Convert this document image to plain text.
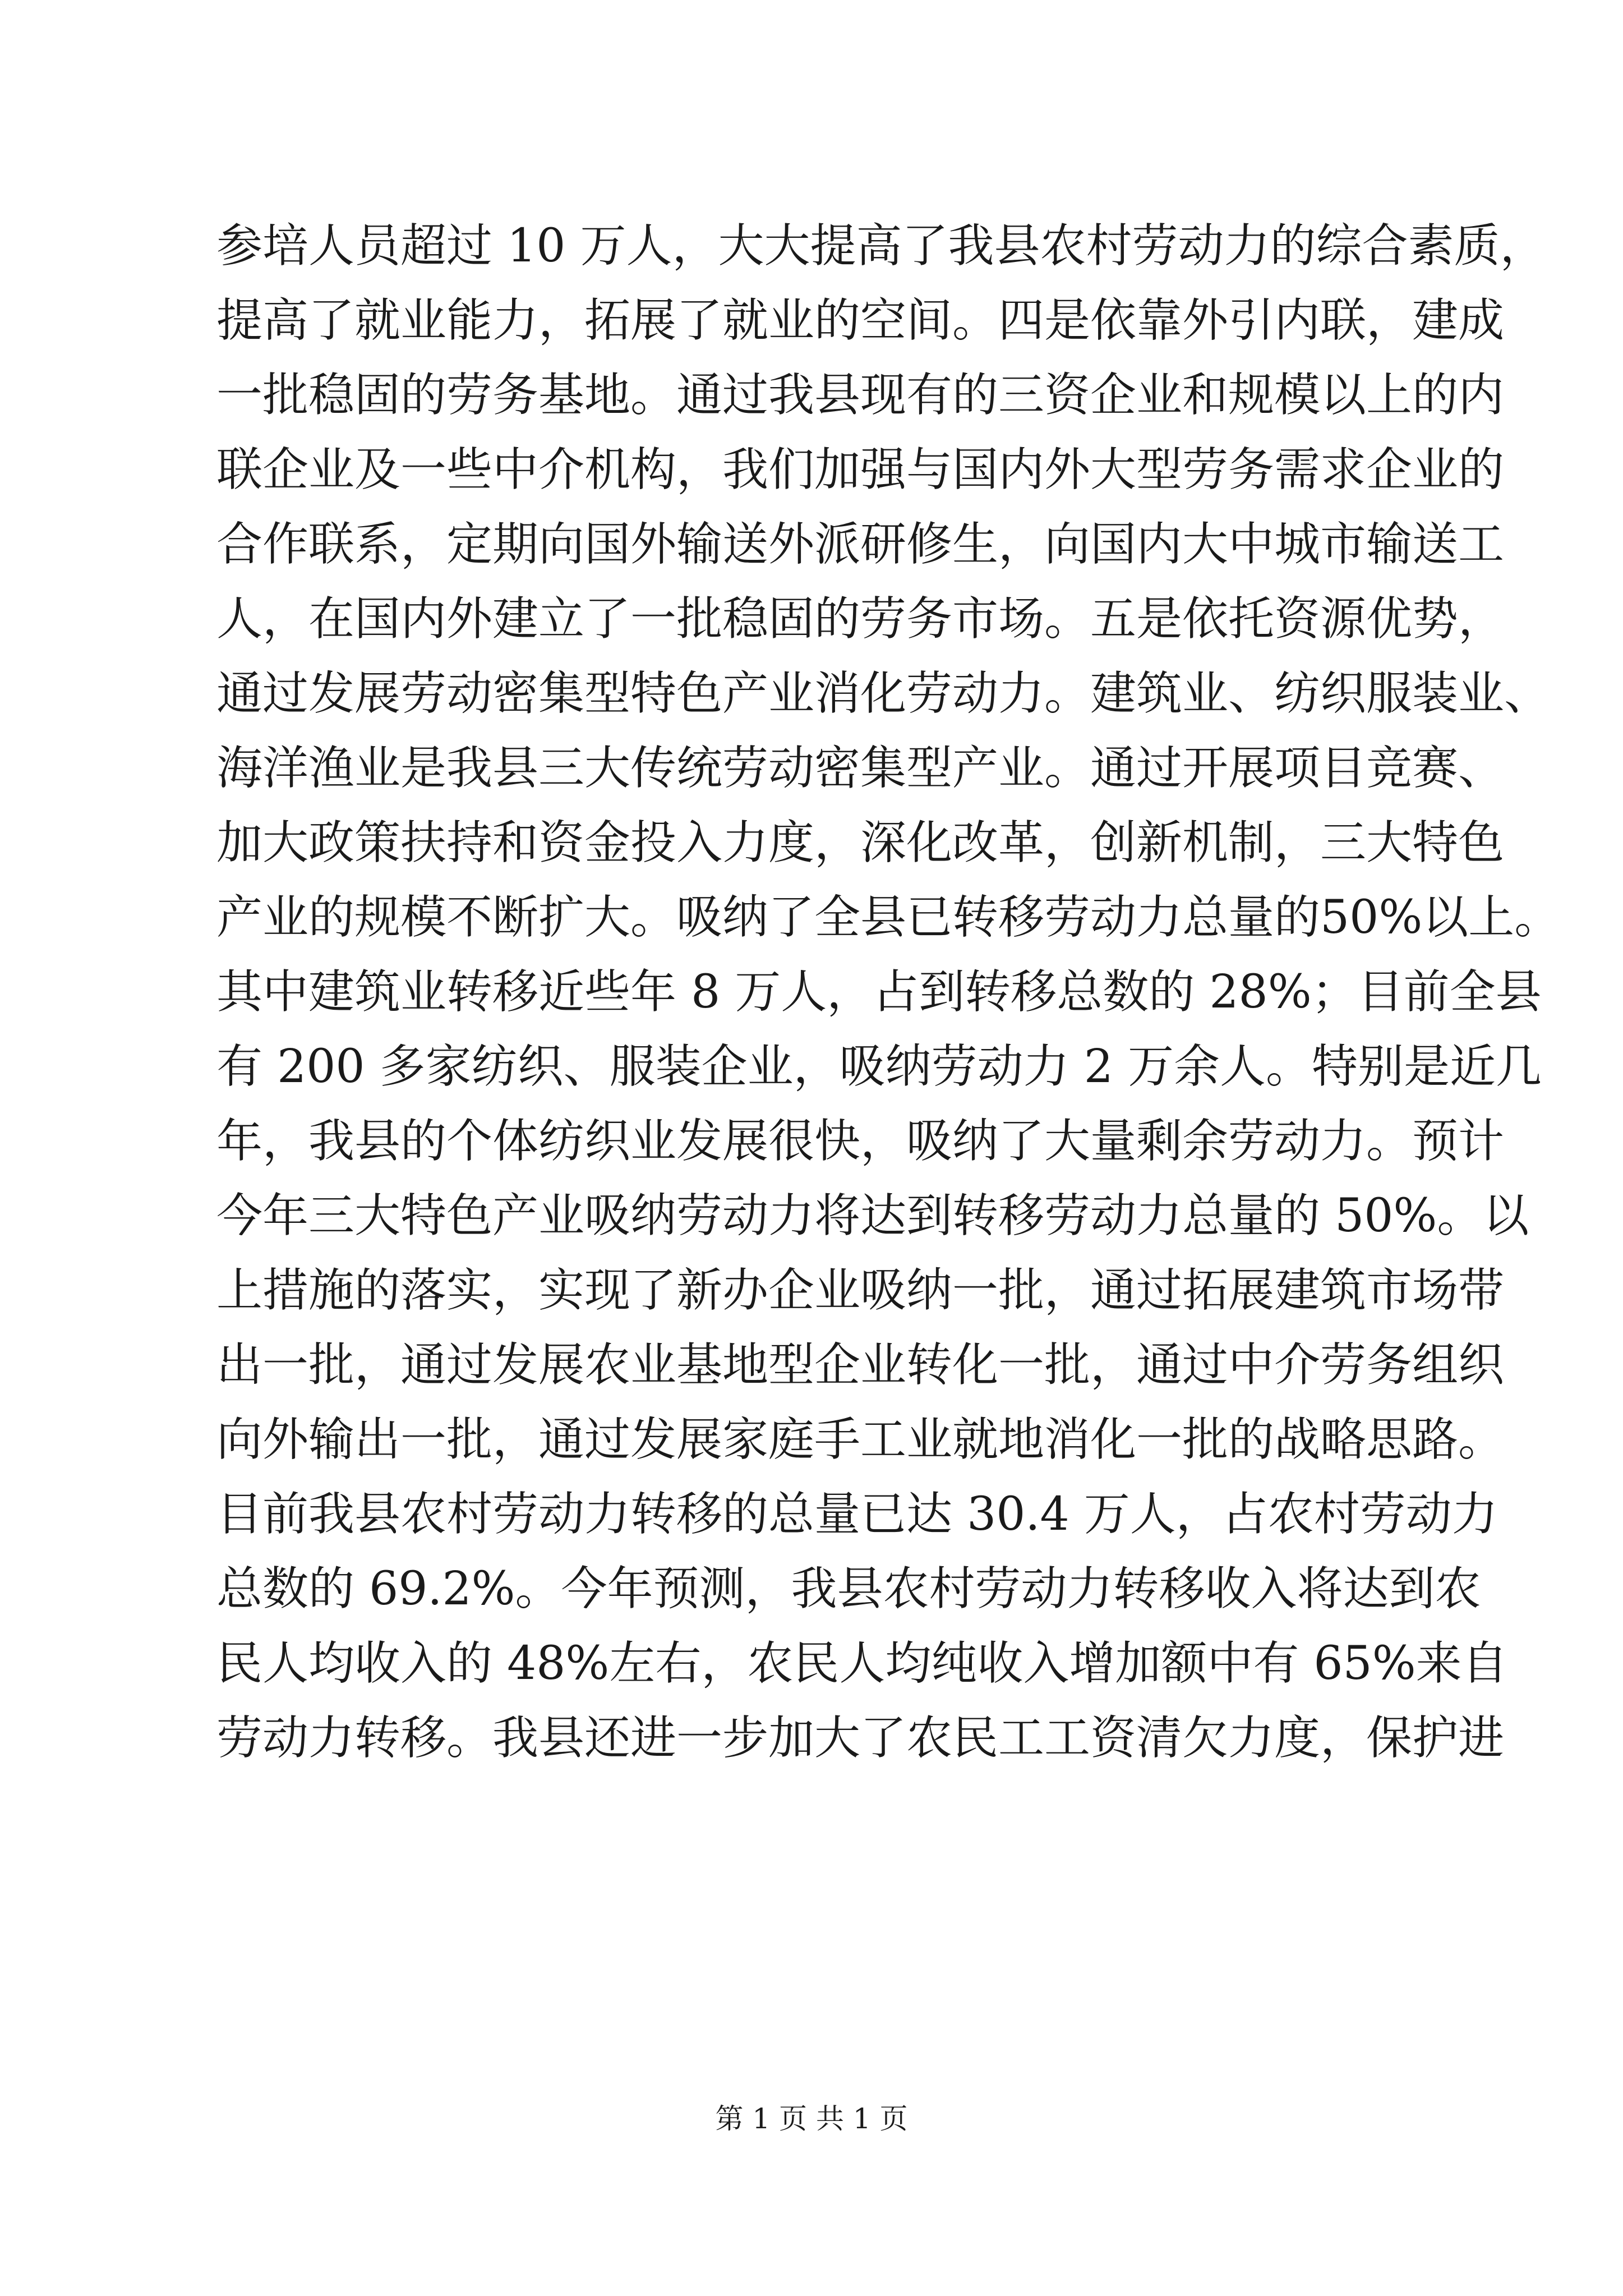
参培人员超过 10 万人，大大提高了我县农村劳动力的综合素质，
提高了就业能力，拓展了就业的空间。四是依靠外引内联，建成
一批稳固的劳务基地。通过我县现有的三资企业和规模以上的内
联企业及一些中介机构，我们加强与国内外大型劳务需求企业的
合作联系，定期向国外输送外派研修生，向国内大中城市输送工
人，在国内外建立了一批稳固的劳务市场。五是依托资源优势，
通过发展劳动密集型特色产业消化劳动力。建筑业、纺织服装业、
海洋渔业是我县三大传统劳动密集型产业。通过开展项目竞赛、
加大政策扶持和资金投入力度，深化改革，创新机制，三大特色
产业的规模不断扩大。吸纳了全县已转移劳动力总量的50%以上。
其中建筑业转移近些年 8 万人，占到转移总数的 28%；目前全县
有 200 多家纺织、服装企业，吸纳劳动力 2 万余人。特别是近几
年，我县的个体纺织业发展很快，吸纳了大量剩余劳动力。预计
今年三大特色产业吸纳劳动力将达到转移劳动力总量的 50%。以
上措施的落实，实现了新办企业吸纳一批，通过拓展建筑市场带
出一批，通过发展农业基地型企业转化一批，通过中介劳务组织
向外输出一批，通过发展家庭手工业就地消化一批的战略思路。
目前我县农村劳动力转移的总量已达 30.4 万人，占农村劳动力
总数的 69.2%。今年预测，我县农村劳动力转移收入将达到农
民人均收入的 48%左右，农民人均纯收入增加额中有 65%来自
劳动力转移。我县还进一步加大了农民工工资清欠力度，保护进
第 1 页 共 1 页
